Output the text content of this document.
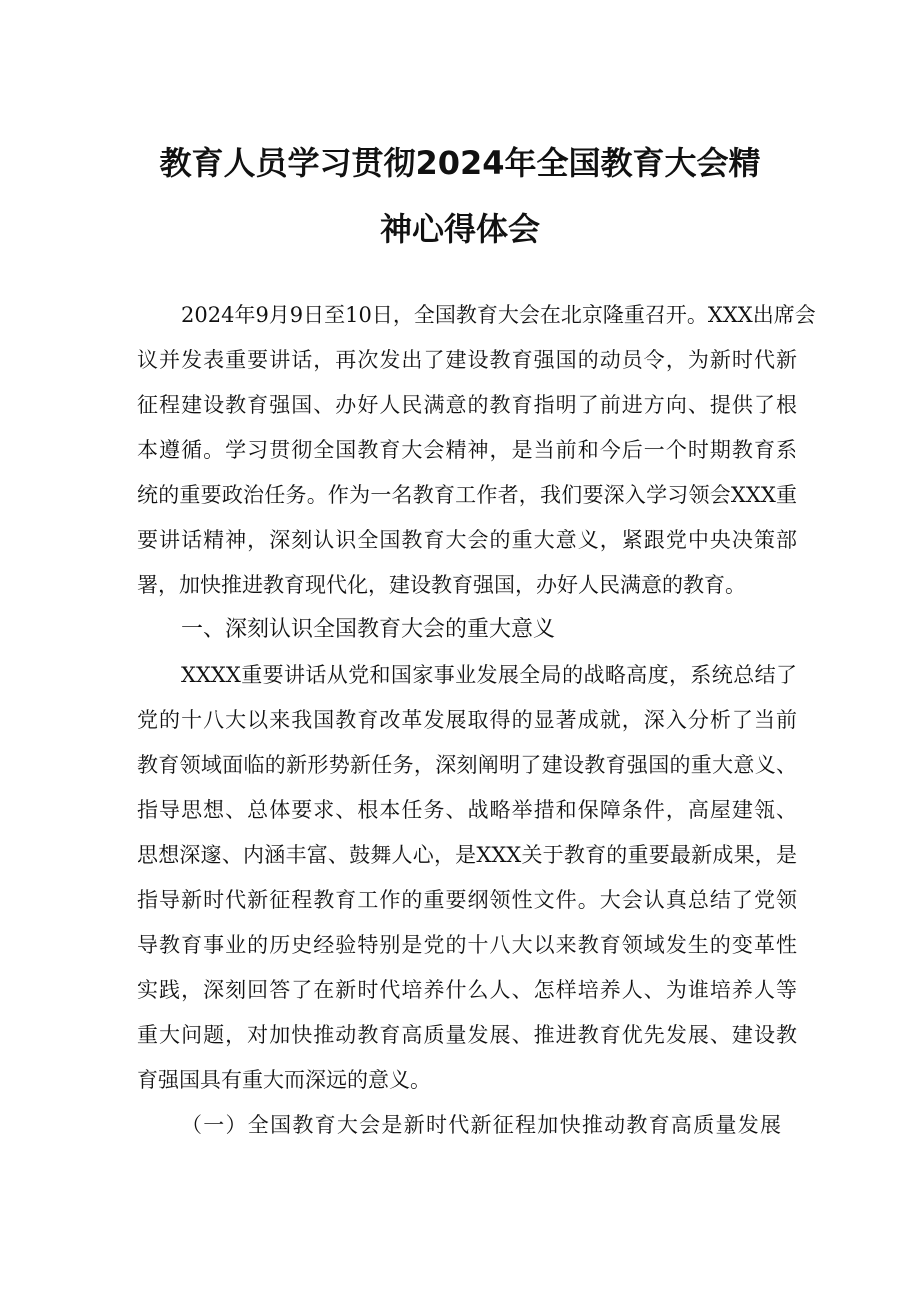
教育人员学习贯彻2024年全国教育大会精
神心得体会
2024年9月9日至10日，全国教育大会在北京隆重召开。XXX出席会
议并发表重要讲话，再次发出了建设教育强国的动员令，为新时代新
征程建设教育强国、办好人民满意的教育指明了前进方向、提供了根
本遵循。学习贯彻全国教育大会精神，是当前和今后一个时期教育系
统的重要政治任务。作为一名教育工作者，我们要深入学习领会XXX重
要讲话精神，深刻认识全国教育大会的重大意义，紧跟党中央决策部
署，加快推进教育现代化，建设教育强国，办好人民满意的教育。
一、深刻认识全国教育大会的重大意义
XXXX重要讲话从党和国家事业发展全局的战略高度，系统总结了
党的十八大以来我国教育改革发展取得的显著成就，深入分析了当前
教育领域面临的新形势新任务，深刻阐明了建设教育强国的重大意义、
指导思想、总体要求、根本任务、战略举措和保障条件，高屋建瓴、
思想深邃、内涵丰富、鼓舞人心，是XXX关于教育的重要最新成果，是
指导新时代新征程教育工作的重要纲领性文件。大会认真总结了党领
导教育事业的历史经验特别是党的十八大以来教育领域发生的变革性
实践，深刻回答了在新时代培养什么人、怎样培养人、为谁培养人等
重大问题，对加快推动教育高质量发展、推进教育优先发展、建设教
育强国具有重大而深远的意义。
（一）全国教育大会是新时代新征程加快推动教育高质量发展
